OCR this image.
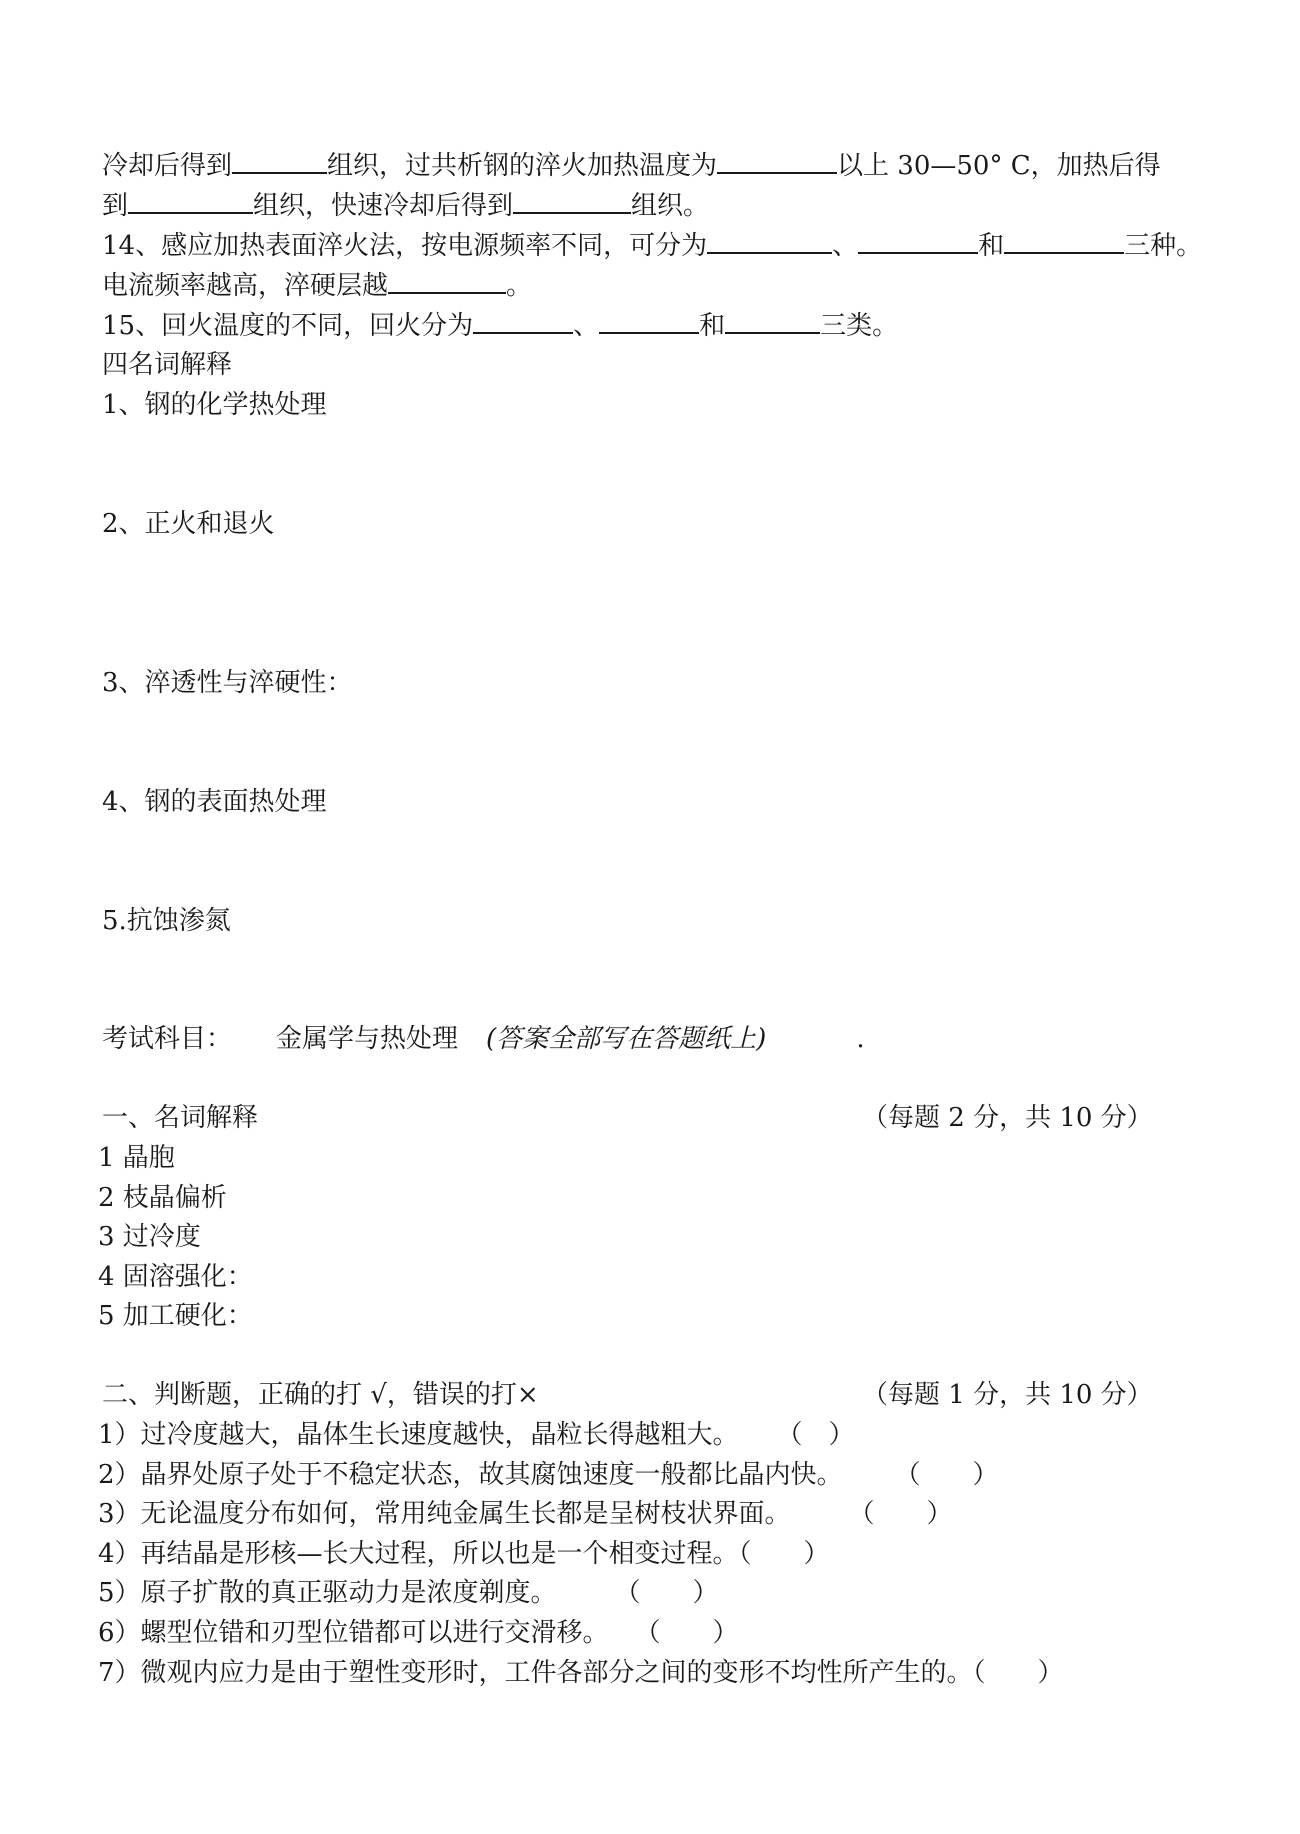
冷却后得到	组织，过共析钢的淬火加热温度为	以上 30—50° C，加热后得
到	组织，快速冷却后得到	组织。
14、感应加热表面淬火法，按电源频率不同，可分为	、	和	三种。
电流频率越高，淬硬层越	。
15、回火温度的不同，回火分为	、	和	三类。
四名词解释
1、钢的化学热处理
2、正火和退火
3、淬透性与淬硬性：
4、钢的表面热处理
5.抗蚀渗氮
考试科目： 金属学与热处理 (答案全部写在答题纸上)	.
一、名词解释	（每题 2 分，共 10 分）
1 晶胞
2 枝晶偏析
3 过冷度
4 固溶强化：
5 加工硬化：
二、判断题，正确的打 √，错误的打×	（每题 1 分，共 10 分）
1）过冷度越大，晶体生长速度越快，晶粒长得越粗大。 （　）
2）晶界处原子处于不稳定状态，故其腐蚀速度一般都比晶内快。 （　　）
3）无论温度分布如何，常用纯金属生长都是呈树枝状界面。 （　　）
4）再结晶是形核—长大过程，所以也是一个相变过程。（　　）
5）原子扩散的真正驱动力是浓度剃度。 （　　）
6）螺型位错和刃型位错都可以进行交滑移。 （　　）
7）微观内应力是由于塑性变形时，工件各部分之间的变形不均性所产生的。（　　）
